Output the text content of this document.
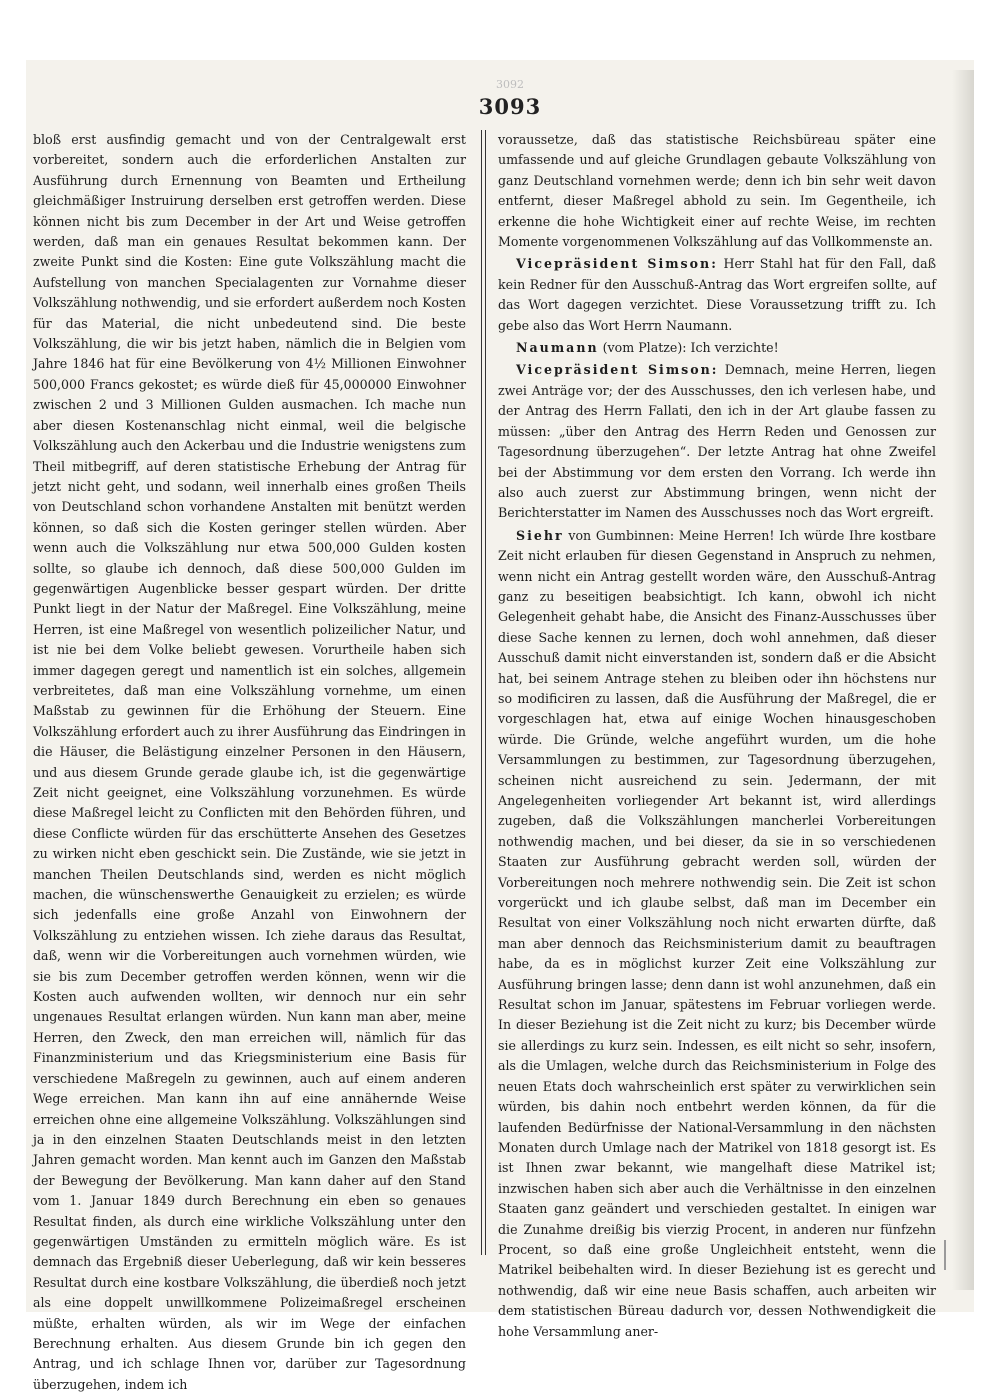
3092
3093

bloß erst ausfindig gemacht und von der Centralgewalt erst vorbereitet, sondern auch die erforderlichen Anstalten zur Ausführung durch Ernennung von Beamten und Ertheilung gleichmäßiger Instruirung derselben erst getroffen werden. Diese können nicht bis zum December in der Art und Weise getroffen werden, daß man ein genaues Resultat bekommen kann. Der zweite Punkt sind die Kosten: Eine gute Volkszählung macht die Aufstellung von manchen Specialagenten zur Vornahme dieser Volkszählung nothwendig, und sie erfordert außerdem noch Kosten für das Material, die nicht unbedeutend sind. Die beste Volkszählung, die wir bis jetzt haben, nämlich die in Belgien vom Jahre 1846 hat für eine Bevölkerung von 4½ Millionen Einwohner 500,000 Francs gekostet; es würde dieß für 45,000000 Einwohner zwischen 2 und 3 Millionen Gulden ausmachen. Ich mache nun aber diesen Kostenanschlag nicht einmal, weil die belgische Volkszählung auch den Ackerbau und die Industrie wenigstens zum Theil mitbegriff, auf deren statistische Erhebung der Antrag für jetzt nicht geht, und sodann, weil innerhalb eines großen Theils von Deutschland schon vorhandene Anstalten mit benützt werden können, so daß sich die Kosten geringer stellen würden. Aber wenn auch die Volkszählung nur etwa 500,000 Gulden kosten sollte, so glaube ich dennoch, daß diese 500,000 Gulden im gegenwärtigen Augenblicke besser gespart würden. Der dritte Punkt liegt in der Natur der Maßregel. Eine Volkszählung, meine Herren, ist eine Maßregel von wesentlich polizeilicher Natur, und ist nie bei dem Volke beliebt gewesen. Vorurtheile haben sich immer dagegen geregt und namentlich ist ein solches, allgemein verbreitetes, daß man eine Volkszählung vornehme, um einen Maßstab zu gewinnen für die Erhöhung der Steuern. Eine Volkszählung erfordert auch zu ihrer Ausführung das Eindringen in die Häuser, die Belästigung einzelner Personen in den Häusern, und aus diesem Grunde gerade glaube ich, ist die gegenwärtige Zeit nicht geeignet, eine Volkszählung vorzunehmen. Es würde diese Maßregel leicht zu Conflicten mit den Behörden führen, und diese Conflicte würden für das erschütterte Ansehen des Gesetzes zu wirken nicht eben geschickt sein. Die Zustände, wie sie jetzt in manchen Theilen Deutschlands sind, werden es nicht möglich machen, die wünschenswerthe Genauigkeit zu erzielen; es würde sich jedenfalls eine große Anzahl von Einwohnern der Volkszählung zu entziehen wissen. Ich ziehe daraus das Resultat, daß, wenn wir die Vorbereitungen auch vornehmen würden, wie sie bis zum December getroffen werden können, wenn wir die Kosten auch aufwenden wollten, wir dennoch nur ein sehr ungenaues Resultat erlangen würden. Nun kann man aber, meine Herren, den Zweck, den man erreichen will, nämlich für das Finanzministerium und das Kriegsministerium eine Basis für verschiedene Maßregeln zu gewinnen, auch auf einem anderen Wege erreichen. Man kann ihn auf eine annähernde Weise erreichen ohne eine allgemeine Volkszählung. Volkszählungen sind ja in den einzelnen Staaten Deutschlands meist in den letzten Jahren gemacht worden. Man kennt auch im Ganzen den Maßstab der Bewegung der Bevölkerung. Man kann daher auf den Stand vom 1. Januar 1849 durch Berechnung ein eben so genaues Resultat finden, als durch eine wirkliche Volkszählung unter den gegenwärtigen Umständen zu ermitteln möglich wäre. Es ist demnach das Ergebniß dieser Ueberlegung, daß wir kein besseres Resultat durch eine kostbare Volkszählung, die überdieß noch jetzt als eine doppelt unwillkommene Polizeimaßregel erscheinen müßte, erhalten würden, als wir im Wege der einfachen Berechnung erhalten. Aus diesem Grunde bin ich gegen den Antrag, und ich schlage Ihnen vor, darüber zur Tagesordnung überzugehen, indem ich

voraussetze, daß das statistische Reichsbüreau später eine umfassende und auf gleiche Grundlagen gebaute Volkszählung von ganz Deutschland vornehmen werde; denn ich bin sehr weit davon entfernt, dieser Maßregel abhold zu sein. Im Gegentheile, ich erkenne die hohe Wichtigkeit einer auf rechte Weise, im rechten Momente vorgenommenen Volkszählung auf das Vollkommenste an.

Vicepräsident Simson: Herr Stahl hat für den Fall, daß kein Redner für den Ausschuß-Antrag das Wort ergreifen sollte, auf das Wort dagegen verzichtet. Diese Voraussetzung trifft zu. Ich gebe also das Wort Herrn Naumann.

Naumann (vom Platze): Ich verzichte!

Vicepräsident Simson: Demnach, meine Herren, liegen zwei Anträge vor; der des Ausschusses, den ich verlesen habe, und der Antrag des Herrn Fallati, den ich in der Art glaube fassen zu müssen: „über den Antrag des Herrn Reden und Genossen zur Tagesordnung überzugehen“. Der letzte Antrag hat ohne Zweifel bei der Abstimmung vor dem ersten den Vorrang. Ich werde ihn also auch zuerst zur Abstimmung bringen, wenn nicht der Berichterstatter im Namen des Ausschusses noch das Wort ergreift.

Siehr von Gumbinnen: Meine Herren! Ich würde Ihre kostbare Zeit nicht erlauben für diesen Gegenstand in Anspruch zu nehmen, wenn nicht ein Antrag gestellt worden wäre, den Ausschuß-Antrag ganz zu beseitigen beabsichtigt. Ich kann, obwohl ich nicht Gelegenheit gehabt habe, die Ansicht des Finanz-Ausschusses über diese Sache kennen zu lernen, doch wohl annehmen, daß dieser Ausschuß damit nicht einverstanden ist, sondern daß er die Absicht hat, bei seinem Antrage stehen zu bleiben oder ihn höchstens nur so modificiren zu lassen, daß die Ausführung der Maßregel, die er vorgeschlagen hat, etwa auf einige Wochen hinausgeschoben würde. Die Gründe, welche angeführt wurden, um die hohe Versammlungen zu bestimmen, zur Tagesordnung überzugehen, scheinen nicht ausreichend zu sein. Jedermann, der mit Angelegenheiten vorliegender Art bekannt ist, wird allerdings zugeben, daß die Volkszählungen mancherlei Vorbereitungen nothwendig machen, und bei dieser, da sie in so verschiedenen Staaten zur Ausführung gebracht werden soll, würden der Vorbereitungen noch mehrere nothwendig sein. Die Zeit ist schon vorgerückt und ich glaube selbst, daß man im December ein Resultat von einer Volkszählung noch nicht erwarten dürfte, daß man aber dennoch das Reichsministerium damit zu beauftragen habe, da es in möglichst kurzer Zeit eine Volkszählung zur Ausführung bringen lasse; denn dann ist wohl anzunehmen, daß ein Resultat schon im Januar, spätestens im Februar vorliegen werde. In dieser Beziehung ist die Zeit nicht zu kurz; bis December würde sie allerdings zu kurz sein. Indessen, es eilt nicht so sehr, insofern, als die Umlagen, welche durch das Reichsministerium in Folge des neuen Etats doch wahrscheinlich erst später zu verwirklichen sein würden, bis dahin noch entbehrt werden können, da für die laufenden Bedürfnisse der National-Versammlung in den nächsten Monaten durch Umlage nach der Matrikel von 1818 gesorgt ist. Es ist Ihnen zwar bekannt, wie mangelhaft diese Matrikel ist; inzwischen haben sich aber auch die Verhältnisse in den einzelnen Staaten ganz geändert und verschieden gestaltet. In einigen war die Zunahme dreißig bis vierzig Procent, in anderen nur fünfzehn Procent, so daß eine große Ungleichheit entsteht, wenn die Matrikel beibehalten wird. In dieser Beziehung ist es gerecht und nothwendig, daß wir eine neue Basis schaffen, auch arbeiten wir dem statistischen Büreau dadurch vor, dessen Nothwendigkeit die hohe Versammlung aner-
